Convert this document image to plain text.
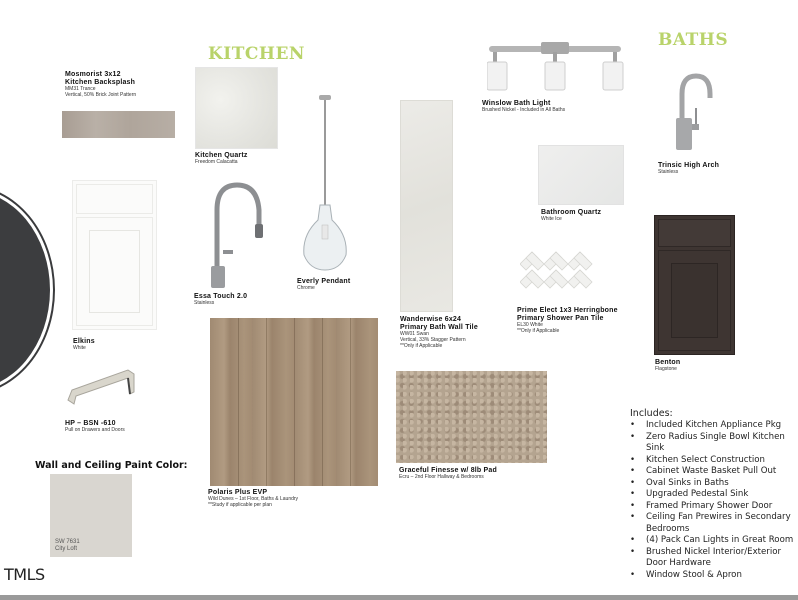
KITCHEN
BATHS
Mosmorist 3x12
Kitchen Backsplash
MM31 Trance
Vertical, 50% Brick Joint Pattern
Kitchen Quartz
Freedom Calacatta
Elkins
White
HP – BSN -610
Pull on Drawers and Doors
Essa Touch 2.0
Stainless
Everly Pendant
Chrome
Wanderwise 6x24
Primary Bath Wall Tile
WW01 Swan
Vertical, 33% Stagger Pattern
**Only if Applicable
Winslow Bath Light
Brushed Nickel - Included in All Baths
Bathroom Quartz
White Ice
Prime Elect 1x3 Herringbone
Primary Shower Pan Tile
EL30 White
**Only if Applicable
Trinsic High Arch
Stainless
Benton
Flagstone
Polaris Plus EVP
Wild Dunes – 1st Floor, Baths & Laundry
**Study if applicable per plan
Graceful Finesse w/ 8lb Pad
Ecru – 2nd Floor Hallway & Bedrooms
Wall and Ceiling Paint Color:
SW 7631
City Loft
Includes:
• Included Kitchen Appliance Pkg
• Zero Radius Single Bowl Kitchen Sink
• Kitchen Select Construction
• Cabinet Waste Basket Pull Out
• Oval Sinks in Baths
• Upgraded Pedestal Sink
• Framed Primary Shower Door
• Ceiling Fan Prewires in Secondary Bedrooms
• (4) Pack Can Lights in Great Room
• Brushed Nickel Interior/Exterior Door Hardware
• Window Stool & Apron
TMLS
